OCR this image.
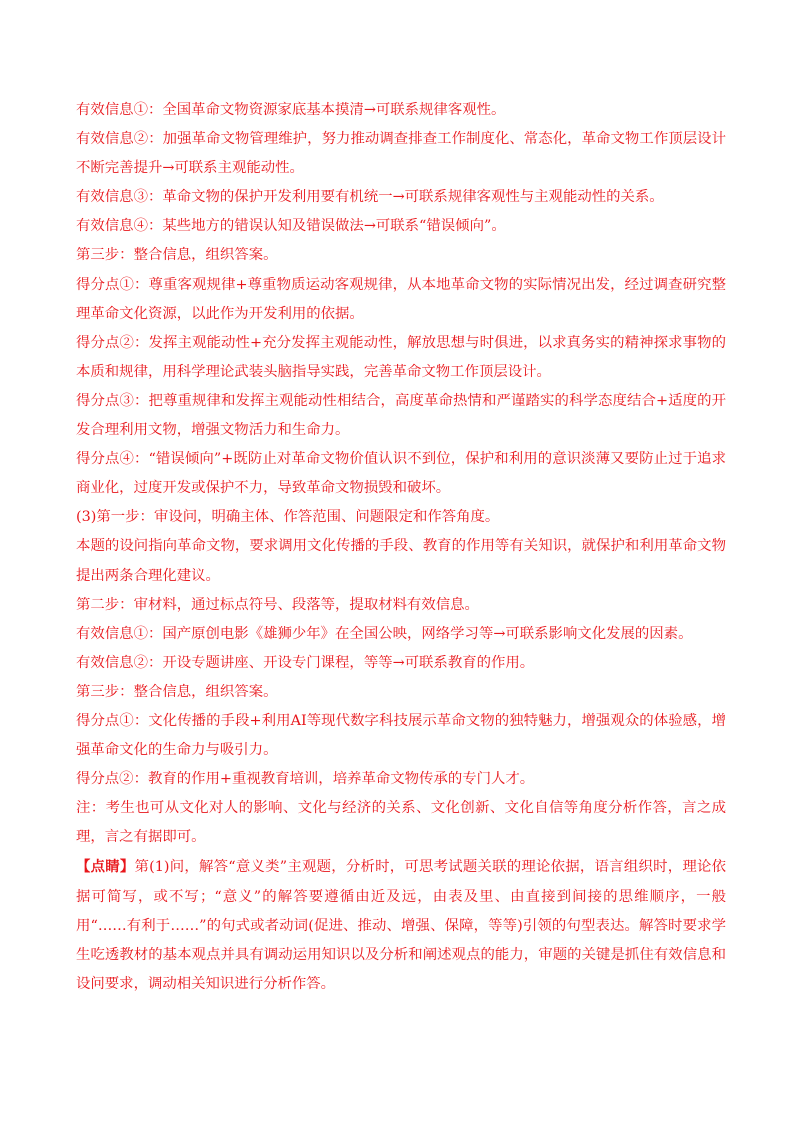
有效信息①：全国革命文物资源家底基本摸清→可联系规律客观性。

有效信息②：加强革命文物管理维护，努力推动调查排查工作制度化、常态化，革命文物工作顶层设计不断完善提升→可联系主观能动性。

有效信息③：革命文物的保护开发利用要有机统一→可联系规律客观性与主观能动性的关系。

有效信息④：某些地方的错误认知及错误做法→可联系“错误倾向”。

第三步：整合信息，组织答案。

得分点①：尊重客观规律+尊重物质运动客观规律，从本地革命文物的实际情况出发，经过调查研究整理革命文化资源，以此作为开发利用的依据。

得分点②：发挥主观能动性+充分发挥主观能动性，解放思想与时俱进，以求真务实的精神探求事物的本质和规律，用科学理论武装头脑指导实践，完善革命文物工作顶层设计。

得分点③：把尊重规律和发挥主观能动性相结合，高度革命热情和严谨踏实的科学态度结合+适度的开发合理利用文物，增强文物活力和生命力。

得分点④：“错误倾向”+既防止对革命文物价值认识不到位，保护和利用的意识淡薄又要防止过于追求商业化，过度开发或保护不力，导致革命文物损毁和破坏。

(3)第一步：审设问，明确主体、作答范围、问题限定和作答角度。

本题的设问指向革命文物，要求调用文化传播的手段、教育的作用等有关知识，就保护和利用革命文物提出两条合理化建议。

第二步：审材料，通过标点符号、段落等，提取材料有效信息。

有效信息①：国产原创电影《雄狮少年》在全国公映，网络学习等→可联系影响文化发展的因素。

有效信息②：开设专题讲座、开设专门课程，等等→可联系教育的作用。

第三步：整合信息，组织答案。

得分点①：文化传播的手段+利用AI等现代数字科技展示革命文物的独特魅力，增强观众的体验感，增强革命文化的生命力与吸引力。

得分点②：教育的作用+重视教育培训，培养革命文物传承的专门人才。

注：考生也可从文化对人的影响、文化与经济的关系、文化创新、文化自信等角度分析作答，言之成理，言之有据即可。

【点睛】第(1)问，解答“意义类”主观题，分析时，可思考试题关联的理论依据，语言组织时，理论依据可简写，或不写；“意义”的解答要遵循由近及远，由表及里、由直接到间接的思维顺序，一般用“……有利于……”的句式或者动词(促进、推动、增强、保障，等等)引领的句型表达。解答时要求学生吃透教材的基本观点并具有调动运用知识以及分析和阐述观点的能力，审题的关键是抓住有效信息和设问要求，调动相关知识进行分析作答。
